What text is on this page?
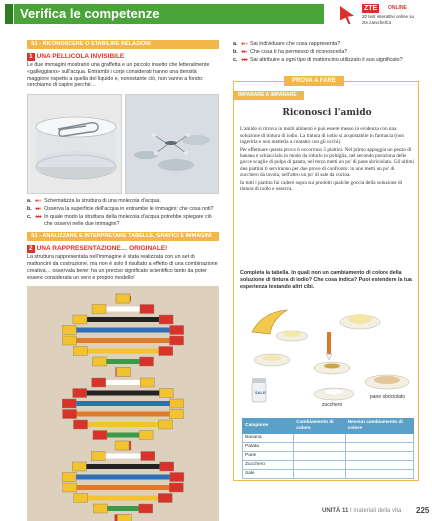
Verifica le competenze	ZTE	ONLINE
20 test interattivi online su zte.zanichelli.it
S1 - RICONOSCERE O STABILIRE RELAZIONI
1 UNA PELLICOLA INVISIBILE
Le due immagini mostrano una graffetta e un piccolo insetto che letteralmente «galleggiano» sull'acqua. Entrambi i corpi considerati hanno una densità maggiore rispetto a quella del liquido e, nonostante ciò, non vanno a fondo: cerchiamo di capire perché…
a. ●●● Schematizza la struttura di una molecola d'acqua.
b. ●●● Osserva la superficie dell'acqua in entrambe le immagini: che cosa noti?
c. ●●● In quale modo la struttura della molecola d'acqua potrebbe spiegare ciò che osservi nelle due immagini?
S1 - ANALIZZARE E INTERPRETARE TABELLE, GRAFICI E IMMAGINI
2 UNA RAPPRESENTAZIONE… ORIGINALE!
La struttura rappresentata nell'immagine è stata realizzata con un set di mattoncini da costruzione, ma non è solo il risultato a effetto di una combinazione creativa… osservala bene: ha un preciso significato scientifico tanto da poter essere considerata un vero e proprio modello!
a. ●●● Sai individuare che cosa rappresenta?
b. ●●● Che cosa ti ha permesso di riconoscerla?
c. ●●● Sai attribuire a ogni tipo di mattoncino utilizzato il suo significato?
PROVA A FARE
IMPARARE A IMPARARE
Riconosci l'amido

L'amido si ritrova in molti alimenti e può essere messo in evidenza con una soluzione di tintura di iodio. La tintura di iodio si acquistabile in farmacia (non ingerirla e non metterla a contatto con gli occhi).

Per effettuare questa prova ti occorrono 5 piattini. Nel primo appoggia un pezzo di banana e schiaccialo in modo da ridurlo in poltiglia, nel secondo posiziona delle gocce scaglie di polpa di patata, nel terzo metti un po' di pane sbriciolato. Gli ultimi due piattini ti serviranno per due prove di confronto: in uno metti un po' di zucchero da tavola, nell'altro un po' di sale da cucina.

In tutti i piattini fai cadere sopra sui prodotti qualche goccia della soluzione di tintura di iodio e osserva.

Completa la tabella. In quali non un cambiamento di colore della soluzione di tintura di iodio? Che cosa indica? Puoi estendere la tua esperienza testando altri cibi.
SALE
zucchero
pane sbriciolato
Campione	Cambiamento di colore	Nessun cambiamento di colore
Banana		
Patata		
Pane		
Zucchero		
Sale		
UNITÀ 11 I materiali della vita 225
